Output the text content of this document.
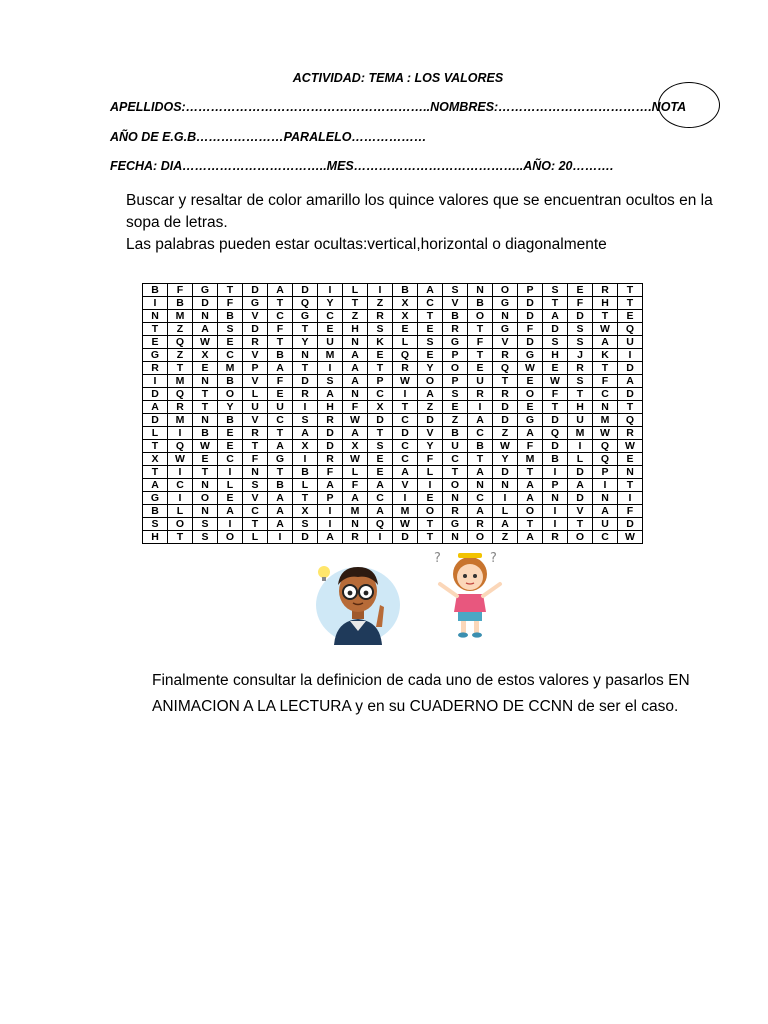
ACTIVIDAD: TEMA : LOS VALORES
APELLIDOS:…………………………………………………..NOMBRES:……………………………….NOTA
AÑO DE E.G.B…………………PARALELO………………
FECHA: DIA……………………………..MES…………………………………..AÑO: 20……….
Buscar y resaltar de color amarillo los quince valores que se encuentran ocultos en la sopa de letras.
Las palabras pueden estar ocultas:vertical,horizontal o diagonalmente
B	F	G	T	D	A	D	I	L	I	B	A	S	N	O	P	S	E	R	T
I	B	D	F	G	T	Q	Y	T	Z	X	C	V	B	G	D	T	F	H	T
N	M	N	B	V	C	G	C	Z	R	X	T	B	O	N	D	A	D	T	E
T	Z	A	S	D	F	T	E	H	S	E	E	R	T	G	F	D	S	W	Q
E	Q	W	E	R	T	Y	U	N	K	L	S	G	F	V	D	S	S	A	U
G	Z	X	C	V	B	N	M	A	E	Q	E	P	T	R	G	H	J	K	I
R	T	E	M	P	A	T	I	A	T	R	Y	O	E	Q	W	E	R	T	D
I	M	N	B	V	F	D	S	A	P	W	O	P	U	T	E	W	S	F	A
D	Q	T	O	L	E	R	A	N	C	I	A	S	R	R	O	F	T	C	D
A	R	T	Y	U	U	I	H	F	X	T	Z	E	I	D	E	T	H	N	T
D	M	N	B	V	C	S	R	W	D	C	D	Z	A	D	G	D	U	M	Q
L	I	B	E	R	T	A	D	A	T	D	V	B	C	Z	A	Q	M	W	R
T	Q	W	E	T	A	X	D	X	S	C	Y	U	B	W	F	D	I	Q	W
X	W	E	C	F	G	I	R	W	E	C	F	C	T	Y	M	B	L	Q	E
T	I	T	I	N	T	B	F	L	E	A	L	T	A	D	T	I	D	P	N
A	C	N	L	S	B	L	A	F	A	V	I	O	N	N	A	P	A	I	T
G	I	O	E	V	A	T	P	A	C	I	E	N	C	I	A	N	D	N	I
B	L	N	A	C	A	X	I	M	A	M	O	R	A	L	O	I	V	A	F
S	O	S	I	T	A	S	I	N	Q	W	T	G	R	A	T	I	T	U	D
H	T	S	O	L	I	D	A	R	I	D	T	N	O	Z	A	R	O	C	W
?	?
Finalmente consultar la definicion de cada uno de estos valores y pasarlos EN ANIMACION A LA LECTURA y en su CUADERNO DE CCNN de ser el caso.
